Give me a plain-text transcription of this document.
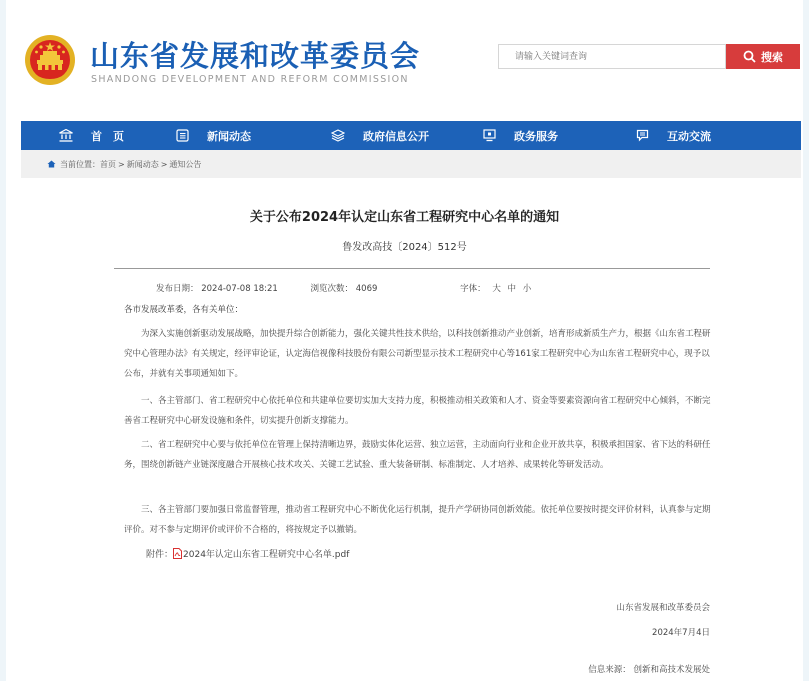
山东省发展和改革委员会
SHANDONG DEVELOPMENT AND REFORM COMMISSION
请输入关键词查询
搜索
首　页	新闻动态	政府信息公开	政务服务	互动交流
当前位置： 首页 > 新闻动态 > 通知公告
关于公布2024年认定山东省工程研究中心名单的通知
鲁发改高技〔2024〕512号
发布日期： 2024-07-08 18:21	浏览次数： 4069	字体： 大 中 小
各市发展改革委，各有关单位：

为深入实施创新驱动发展战略，加快提升综合创新能力，强化关键共性技术供给，以科技创新推动产业创新，培育形成新质生产力，根据《山东省工程研究中心管理办法》有关规定，经评审论证，认定海信视像科技股份有限公司新型显示技术工程研究中心等161家工程研究中心为山东省工程研究中心，现予以公布，并就有关事项通知如下。

一、各主管部门、省工程研究中心依托单位和共建单位要切实加大支持力度，积极推动相关政策和人才、资金等要素资源向省工程研究中心倾斜，不断完善省工程研究中心研发设施和条件，切实提升创新支撑能力。

二、省工程研究中心要与依托单位在管理上保持清晰边界，鼓励实体化运营、独立运营，主动面向行业和企业开放共享，积极承担国家、省下达的科研任务，围绕创新链产业链深度融合开展核心技术攻关、关键工艺试验、重大装备研制、标准制定、人才培养、成果转化等研发活动。

三、各主管部门要加强日常监督管理，推动省工程研究中心不断优化运行机制，提升产学研协同创新效能。依托单位要按时提交评价材料，认真参与定期评价。对不参与定期评价或评价不合格的，将按规定予以撤销。

附件： 2024年认定山东省工程研究中心名单.pdf
山东省发展和改革委员会
2024年7月4日
信息来源： 创新和高技术发展处
